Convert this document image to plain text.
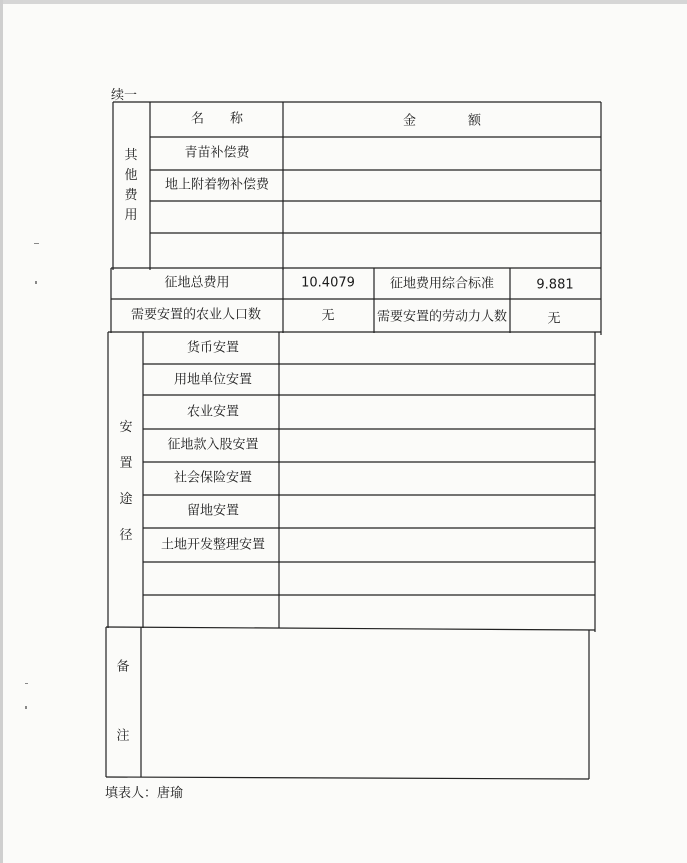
续一
其
他
费
用
名　　称	金　　　　额
青苗补偿费
地上附着物补偿费
征地总费用	10.4079	征地费用综合标准	9.881
需要安置的农业人口数	无	需要安置的劳动力人数	无
安
置
途
径
货币安置
用地单位安置
农业安置
征地款入股安置
社会保险安置
留地安置
土地开发整理安置
备
注
填表人：唐瑜
